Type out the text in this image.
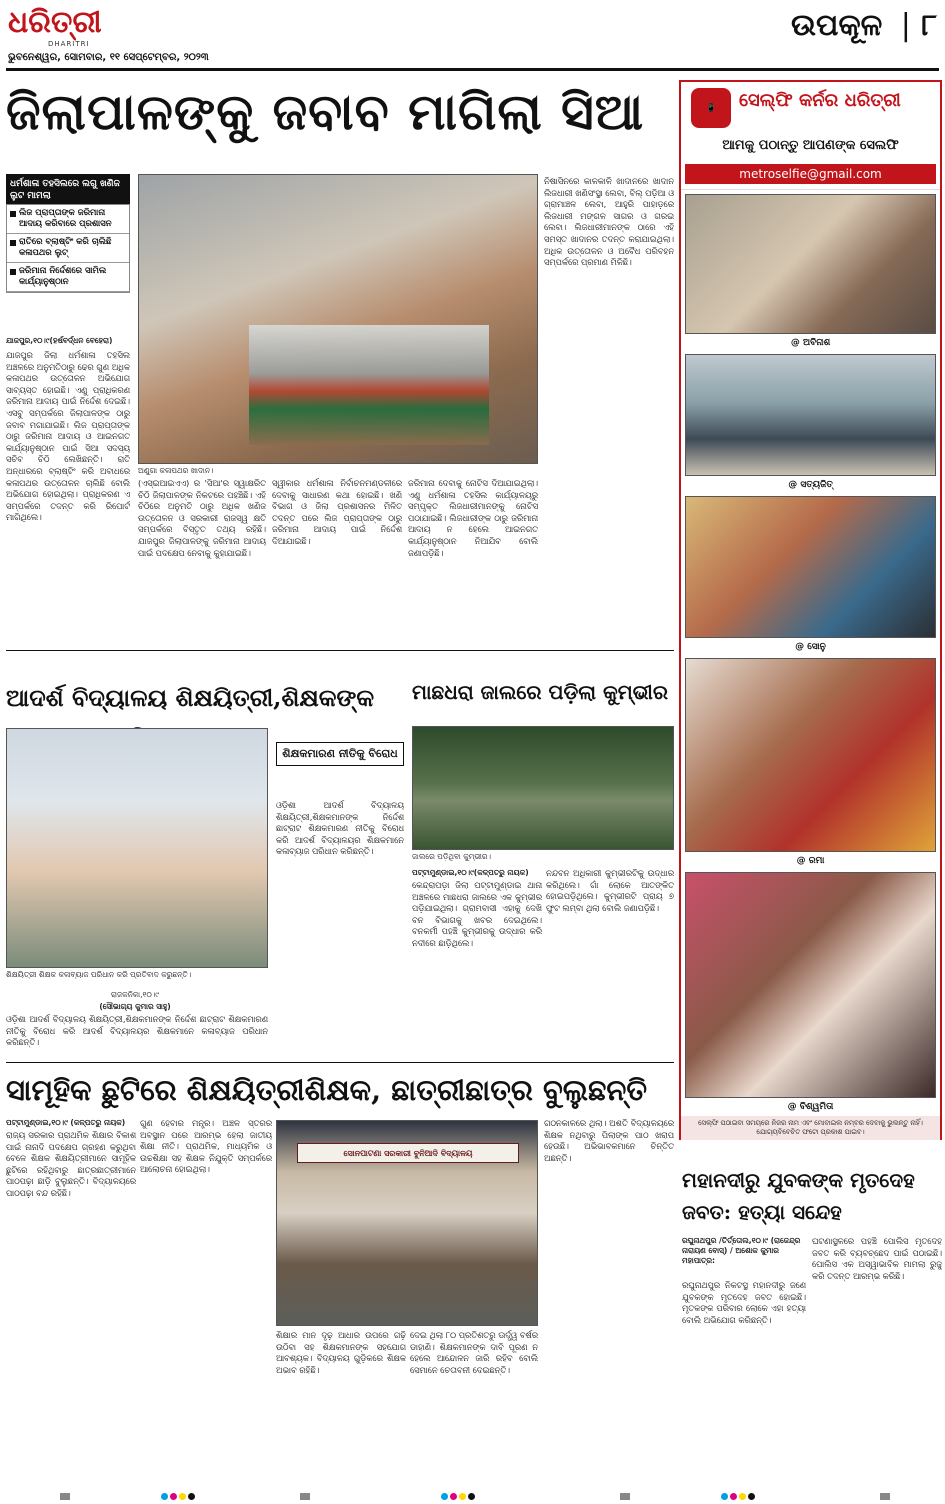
ଧରିତ୍ରୀ
DHARITRI
ଭୁବନେଶ୍ୱର, ସୋମବାର, ୧୧ ସେପ୍ଟେମ୍ବର, ୨୦୨୩
ଉପକୂଳ | ୮
ଜିଲାପାଳଙ୍କୁ ଜବାବ ମାଗିଲା ସିଆ
ଧର୍ମଶାଳା ତହସିଲରେ ଲଗୁ ଖଣିଜ ଲୁଟ ମାମଲା
ଲିଜ ପ୍ରାପ୍ତାଙ୍କ ଜରିମାନା ଆଦାୟ କରିବାରେ ପ୍ରଶାସନ
ରାତିରେ ବ୍ଲାଷ୍ଟିଂ କରି ଚାଲିଛି କଳାପଥର ଲୁଟ୍
ଜରିମାନା ନିର୍ଦ୍ଦେଶରେ ସାମିଲ କାର୍ଯ୍ୟାନୁଷ୍ଠାନ
ଯାଜପୁର,୧୦।୯(ହର୍ଷବର୍ଦ୍ଧନ ବେହେରା)
ଯାଜପୁର ଜିଲା ଧର୍ମଶାଳା ତହସିଲ ଅଞ୍ଚଳରେ ଅନୁମତିଠାରୁ ଢେର ଗୁଣ ଅଧିକ କଳାପଥର ଉତ୍ତୋଳନ ଅଭିଯୋଗ ସାବ୍ୟସ୍ତ ହୋଇଛି। ଏଣୁ ପ୍ରାଧିକରଣ ଜରିମାନା ଆଦାୟ ପାଇଁ ନିର୍ଦ୍ଦେଶ ଦେଇଛି। ଏସବୁ ସମ୍ପର୍କରେ ଜିଲାପାଳଙ୍କ ଠାରୁ ଜବାବ ମଗାଯାଇଛି। ଲିଜ ପ୍ରାପ୍ତାଙ୍କ ଠାରୁ ଜରିମାନା ଆଦାୟ ଓ ଆଇନଗତ କାର୍ଯ୍ୟାନୁଷ୍ଠାନ ପାଇଁ ସିଆ ସଦସ୍ୟ ସଚିବ ଚିଠି ଲେଖିଛନ୍ତି। ରାତି ଅନ୍ଧାରରେ ବ୍ଲାଷ୍ଟିଂ କରି ଅବାଧରେ କଳାପଥର ଉତ୍ତୋଳନ ଚାଲିଛି ବୋଲି ଅଭିଯୋଗ ହୋଇଥିଲା। ପ୍ରାଧିକରଣ ଏ ସମ୍ପର୍କରେ ତଦନ୍ତ କରି ରିପୋର୍ଟ ମାଗିଥିଲେ।
ଅଣୁଗା କଳାପଥର ଖାଦାନ।
(ଏସ୍‌ଇଆଇଏଏ) ର 'ସିଆ'ର ସ୍ୱାକ୍ଷରିତ ଚିଠି ଜିଲାପାଳଙ୍କ ନିକଟରେ ପହଞ୍ଚିଛି। ଏହି ଚିଠିରେ ଅନୁମତି ଠାରୁ ଅଧିକ ଖଣିଜ ଉତ୍ତୋଳନ ଓ ସରକାରୀ ରାଜସ୍ୱ କ୍ଷତି ସମ୍ପର୍କରେ ବିସ୍ତୃତ ତଥ୍ୟ ରହିଛି। ଯାଜପୁର ଜିଲାପାଳଙ୍କୁ ଜରିମାନା ଆଦାୟ ପାଇଁ ପଦକ୍ଷେପ ନେବାକୁ କୁହାଯାଇଛି।
ସ୍ୱୀକାର ଧର୍ମଶାଳା ନିର୍ବାଚନମଣ୍ଡଳୀରେ ଦେବାକୁ ସାଧାରଣ କଥା ହୋଇଛି। ଖଣି ବିଭାଗ ଓ ଜିଲା ପ୍ରଶାସନର ମିଳିତ ତଦନ୍ତ ପରେ ଲିଜ ପ୍ରାପ୍ତାଙ୍କ ଠାରୁ ଜରିମାନା ଆଦାୟ ପାଇଁ ନିର୍ଦ୍ଦେଶ ଦିଆଯାଇଛି।
ଜରିମାନା ଦେବାକୁ ନୋଟିସ ଦିଆଯାଇଥିଲା। ଏଣୁ ଧର୍ମଶାଳା ତହସିଲ କାର୍ଯ୍ୟାଳୟରୁ ସମ୍ପୃକ୍ତ ଲିଜଧାରୀମାନଙ୍କୁ ନୋଟିସ ପଠାଯାଇଛି। ଲିଜଧାରୀଙ୍କ ଠାରୁ ଜରିମାନା ଆଦାୟ ନ ହେଲେ ଆଇନଗତ କାର୍ଯ୍ୟାନୁଷ୍ଠାନ ନିଆଯିବ ବୋଲି ଜଣାପଡ଼ିଛି।
ନିଷାସିନରେ କାଳକାଳି ଖାଦାନରେ ଖାଦାନ ଲିଜଧାରୀ ଖଣିସଂସ୍ଥା ଲେବା, ବିଲ୍ ପଡ଼ିଆ ଓ ଗ୍ରାମାଞ୍ଚଳ ଲେବା, ଆହୁରି ପାହାଡ଼ରେ ଲିଜଧାରୀ ମଙ୍ଗଳ ସାଗର ଓ ଗରଇ ଲେବା। ଲିଜଧାରୀମାନଙ୍କ ଠାରେ ଏହି ସମସ୍ତ ଖାଦାନର ତଦନ୍ତ କରାଯାଇଥିଲା। ଅଧିକ ଉତ୍ତୋଳନ ଓ ଅବୈଧ ପରିବହନ ସମ୍ପର୍କରେ ପ୍ରମାଣ ମିଳିଛି।
ଆଦର୍ଶ ବିଦ୍ୟାଳୟ ଶିକ୍ଷୟିତ୍ରୀ,ଶିକ୍ଷକଙ୍କ
ଶିକ୍ଷୟିତ୍ରୀ ଶିକ୍ଷକ କଳାବ୍ୟାଜ ପରିଧାନ କରି ପ୍ରତିବାଦ କରୁଛନ୍ତି।
ଶିକ୍ଷକମାରଣ ନୀତିକୁ ବିରୋଧ
ରାଜକନିକା,୧୦।୯
(ସୌଭାଗ୍ୟ କୁମାର ସାହୁ)
ଓଡ଼ିଶା ଆଦର୍ଶ ବିଦ୍ୟାଳୟ ଶିକ୍ଷୟିତ୍ରୀ,ଶିକ୍ଷକମାନଙ୍କ ନିର୍ଦ୍ଦେଶ ଛାଟ୍ରାଟ ଶିକ୍ଷକମାରଣ ନୀତିକୁ ବିରୋଧ କରି ଆଦର୍ଶ ବିଦ୍ୟାଳୟର ଶିକ୍ଷକମାନେ କଳାବ୍ୟାଜ ପରିଧାନ କରିଛନ୍ତି।
ଓଡ଼ିଶା ଆଦର୍ଶ ବିଦ୍ୟାଳୟ ଶିକ୍ଷୟିତ୍ରୀ,ଶିକ୍ଷକମାନଙ୍କ ନିର୍ଦ୍ଦେଶ ଛାଟ୍ରାଟ ଶିକ୍ଷକମାରଣ ନୀତିକୁ ବିରୋଧ କରି ଆଦର୍ଶ ବିଦ୍ୟାଳୟର ଶିକ୍ଷକମାନେ କଳାବ୍ୟାଜ ପରିଧାନ କରିଛନ୍ତି।
ମାଛଧରା ଜାଲରେ ପଡ଼ିଲା କୁମ୍ଭୀର
ଜାଲରେ ପଡ଼ିଥିବା କୁମ୍ଭୀର।
ପଟ୍ଟାମୁଣ୍ଡାଇ,୧୦।୯(କଳ୍ପତରୁ ନାୟକ)
କେନ୍ଦ୍ରାପଡ଼ା ଜିଲା ପଟ୍ଟାମୁଣ୍ଡାଇ ଥାନା ଅଞ୍ଚଳରେ ମାଛଧରା ଜାଲରେ ଏକ କୁମ୍ଭୀର ପଡ଼ିଯାଇଥିଲା। ଗ୍ରାମବାସୀ ଏହାକୁ ଦେଖି ବନ ବିଭାଗକୁ ଖବର ଦେଇଥିଲେ। ବନକର୍ମୀ ପହଞ୍ଚି କୁମ୍ଭୀରକୁ ଉଦ୍ଧାର କରି ନଦୀରେ ଛାଡ଼ିଥିଲେ।
ନନ୍ଦବନ ଅଧିକାରୀ କୁମ୍ଭୀରଟିକୁ ଉଦ୍ଧାର କରିଥିଲେ। ଗାଁ ଲୋକେ ଆତଙ୍କିତ ହୋଇପଡ଼ିଥିଲେ। କୁମ୍ଭୀରଟି ପ୍ରାୟ ୭ ଫୁଟ ଲମ୍ବା ଥିଲା ବୋଲି ଜଣାପଡ଼ିଛି।
ସାମୂହିକ ଛୁଟିରେ ଶିକ୍ଷୟିତ୍ରୀଶିକ୍ଷକ, ଛାତ୍ରୀଛାତ୍ର ବୁଲୁଛନ୍ତି
ପଟ୍ଟାମୁଣ୍ଡାଇ,୧୦।୯ (କଳ୍ପତରୁ ନାୟକ)
ରାଜ୍ୟ ସରକାର ପ୍ରାଥମିକ ଶିକ୍ଷାର ବିକାଶ ପାଇଁ ନାନାଦି ପଦକ୍ଷେପ ଗ୍ରହଣ କରୁଥିବା ବେଳେ ଶିକ୍ଷକ ଶିକ୍ଷୟିତ୍ରୀମାନେ ସାମୂହିକ ଛୁଟିରେ ରହିଥିବାରୁ ଛାତ୍ରଛାତ୍ରୀମାନେ ପାଠପଢ଼ା ଛାଡ଼ି ବୁଲୁଛନ୍ତି। ବିଦ୍ୟାଳୟରେ ପାଠପଢ଼ା ବନ୍ଦ ରହିଛି।
ଗୁଣ ହେବାର ମନ୍ତ୍ର। ଅଞ୍ଚଳ ସ୍ତରର ଅବସ୍ଥାନ ପରେ ଆରମ୍ଭ ହେଲା ଜାତୀୟ ଶିକ୍ଷା ନୀତି। ପ୍ରାଥମିକ, ମାଧ୍ୟମିକ ଓ ଉଚ୍ଚଶିକ୍ଷା ସହ ଶିକ୍ଷକ ନିଯୁକ୍ତି ସମ୍ପର୍କରେ ଆଲୋଚନା ହୋଇଥିଲା।
ସୋନପାଟଣା ସରକାରୀ ବୁନିଆଦି ବିଦ୍ୟାଳୟ
ଶିକ୍ଷାର ମାନ ଦୃଢ଼ ଆଧାର ଉପରେ ଗଢ଼ି ଉଠିବା ସହ ଶିକ୍ଷକମାନଙ୍କ ସହଯୋଗ ଆବଶ୍ୟକ। ବିଦ୍ୟାଳୟ ଗୁଡ଼ିକରେ ଶିକ୍ଷକ ଅଭାବ ରହିଛି।
ଦେଇ ଥିଲା ୮୦ ପ୍ରତିଶତରୁ ଊର୍ଦ୍ଧ୍ୱ ବର୍ଷର ଡାହାଣି। ଶିକ୍ଷକମାନଙ୍କ ଦାବି ପୂରଣ ନ ହେଲେ ଆନ୍ଦୋଳନ ଜାରି ରହିବ ବୋଲି ସେମାନେ ଚେତାବନୀ ଦେଇଛନ୍ତି।
ଗଠନକାଳରେ ଥିଲା। ଅଶତି ବିଦ୍ୟାଳୟରେ ଶିକ୍ଷକ ନଥିବାରୁ ପିଲାଙ୍କ ପାଠ ଖରାପ ହେଉଛି। ଅଭିଭାବକମାନେ ଚିନ୍ତିତ ଅଛନ୍ତି।
ମହାନଦୀରୁ ଯୁବକଙ୍କ ମୃତଦେହ
ଜବତ: ହତ୍ୟା ସନ୍ଦେହ
ରଘୁନାଥପୁର /ତିର୍ତ୍ତୋଲ,୧୦।୯ (ରାଜେନ୍ଦ୍ର ନାରାୟଣ ବୋସ୍) / ଅଶୋକ କୁମାର ମହାପାତ୍ର:
ରଘୁନାଥପୁର ନିକଟସ୍ଥ ମହାନଦୀରୁ ଜଣେ ଯୁବକଙ୍କ ମୃତଦେହ ଜବତ ହୋଇଛି। ମୃତକଙ୍କ ପରିବାର ଲୋକେ ଏହା ହତ୍ୟା ବୋଲି ଅଭିଯୋଗ କରିଛନ୍ତି।
ଘଟଣାସ୍ଥଳରେ ପହଞ୍ଚି ପୋଲିସ ମୃତଦେହ ଜବତ କରି ବ୍ୟବଚ୍ଛେଦ ପାଇଁ ପଠାଇଛି। ପୋଲିସ ଏକ ଅସ୍ୱାଭାବିକ ମାମଲା ରୁଜୁ କରି ତଦନ୍ତ ଆରମ୍ଭ କରିଛି।
📱	ସେଲ୍ଫି କର୍ନର ଧରିତ୍ରୀ
ଆମକୁ ପଠାନ୍ତୁ ଆପଣଙ୍କ ସେଲଫି
metroselfie@gmail.com
@ ଅବିନାଶ
@ ସତ୍ୟଜିତ୍
@ ସୋନୁ
@ ରମା
@ ବିଶ୍ୱମିତା
ସେଲ୍ଫି ପଠାଇବା ସମୟରେ ନିଜର ନାମ ଏବଂ ମୋବାଇଲ ନମ୍ବର ଦେବାକୁ ଭୁଲନ୍ତୁ ନାହିଁ। ଯୋଗ୍ୟବିବେଚିତ ଫଟୋ ପ୍ରକାଶ ପାଇବ।
